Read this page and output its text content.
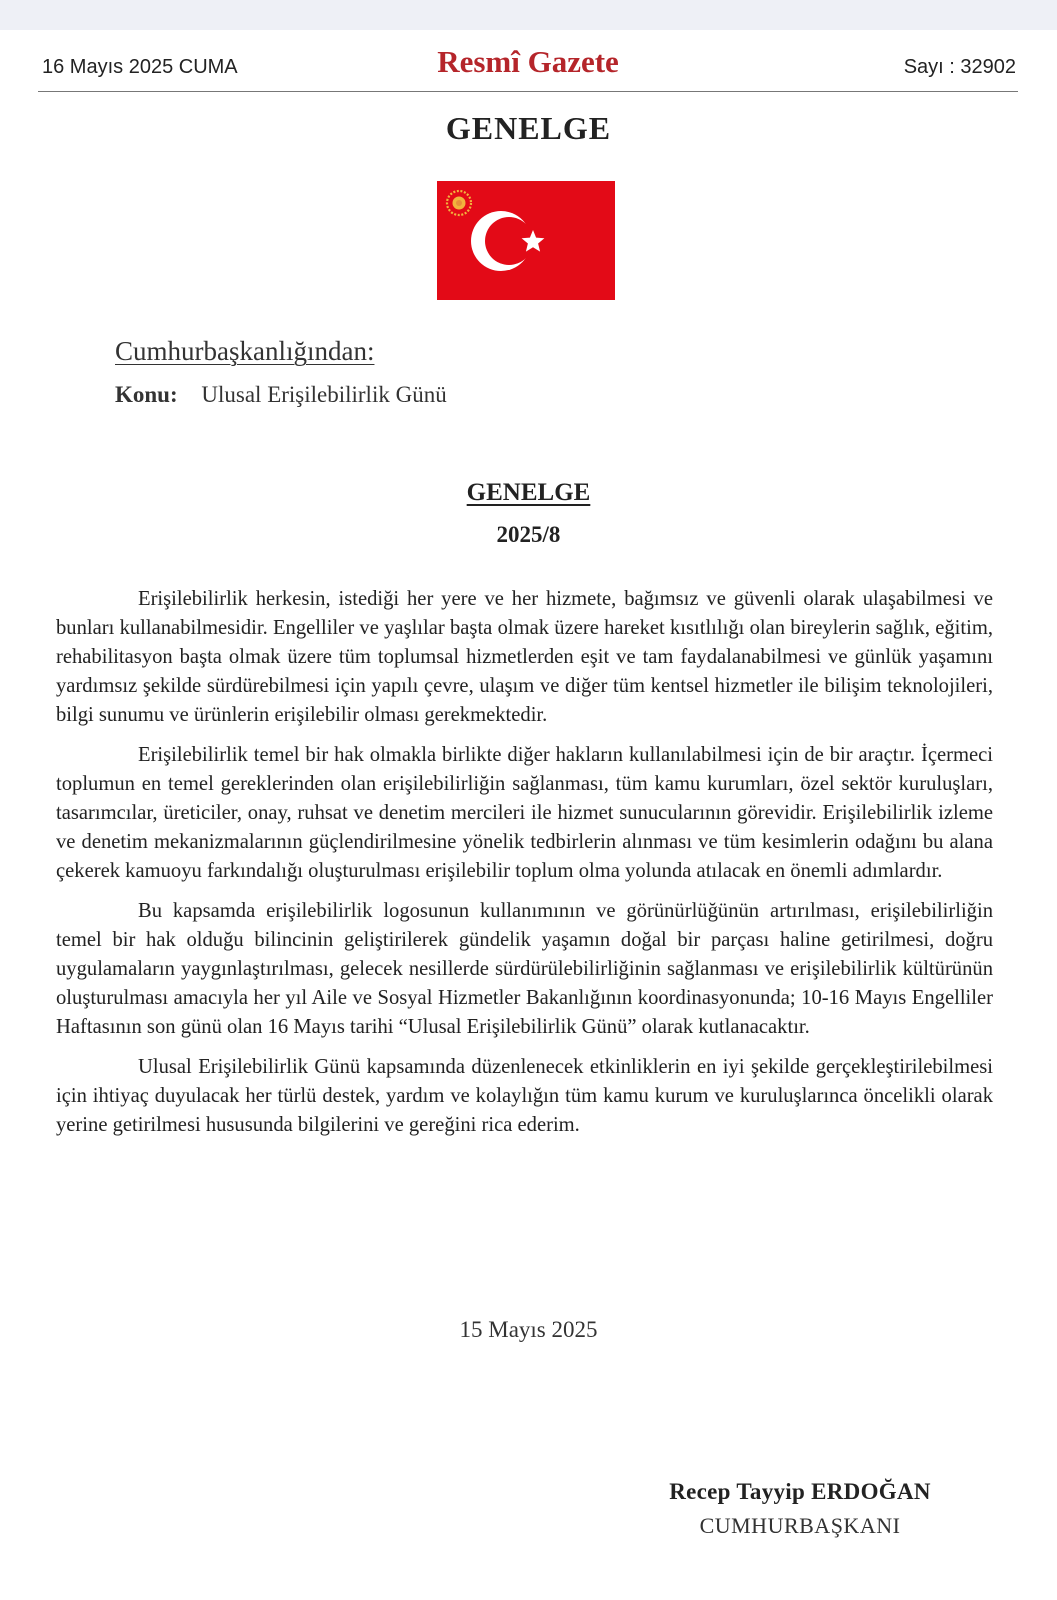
16 Mayıs 2025 CUMA	Resmî Gazete	Sayı : 32902
GENELGE
Cumhurbaşkanlığından:
Konu: Ulusal Erişilebilirlik Günü
GENELGE
2025/8

Erişilebilirlik herkesin, istediği her yere ve her hizmete, bağımsız ve güvenli olarak ulaşabilmesi ve bunları kullanabilmesidir. Engelliler ve yaşlılar başta olmak üzere hareket kısıtlılığı olan bireylerin sağlık, eğitim, rehabilitasyon başta olmak üzere tüm toplumsal hizmetlerden eşit ve tam faydalanabilmesi ve günlük yaşamını yardımsız şekilde sürdürebilmesi için yapılı çevre, ulaşım ve diğer tüm kentsel hizmetler ile bilişim teknolojileri, bilgi sunumu ve ürünlerin erişilebilir olması gerekmektedir.

Erişilebilirlik temel bir hak olmakla birlikte diğer hakların kullanılabilmesi için de bir araçtır. İçermeci toplumun en temel gereklerinden olan erişilebilirliğin sağlanması, tüm kamu kurumları, özel sektör kuruluşları, tasarımcılar, üreticiler, onay, ruhsat ve denetim mercileri ile hizmet sunucularının görevidir. Erişilebilirlik izleme ve denetim mekanizmalarının güçlendirilmesine yönelik tedbirlerin alınması ve tüm kesimlerin odağını bu alana çekerek kamuoyu farkındalığı oluşturulması erişilebilir toplum olma yolunda atılacak en önemli adımlardır.

Bu kapsamda erişilebilirlik logosunun kullanımının ve görünürlüğünün artırılması, erişilebilirliğin temel bir hak olduğu bilincinin geliştirilerek gündelik yaşamın doğal bir parçası haline getirilmesi, doğru uygulamaların yaygınlaştırılması, gelecek nesillerde sürdürülebilirliğinin sağlanması ve erişilebilirlik kültürünün oluşturulması amacıyla her yıl Aile ve Sosyal Hizmetler Bakanlığının koordinasyonunda; 10-16 Mayıs Engelliler Haftasının son günü olan 16 Mayıs tarihi “Ulusal Erişilebilirlik Günü” olarak kutlanacaktır.

Ulusal Erişilebilirlik Günü kapsamında düzenlenecek etkinliklerin en iyi şekilde gerçekleştirilebilmesi için ihtiyaç duyulacak her türlü destek, yardım ve kolaylığın tüm kamu kurum ve kuruluşlarınca öncelikli olarak yerine getirilmesi hususunda bilgilerini ve gereğini rica ederim.

15 Mayıs 2025
Recep Tayyip ERDOĞAN
CUMHURBAŞKANI
